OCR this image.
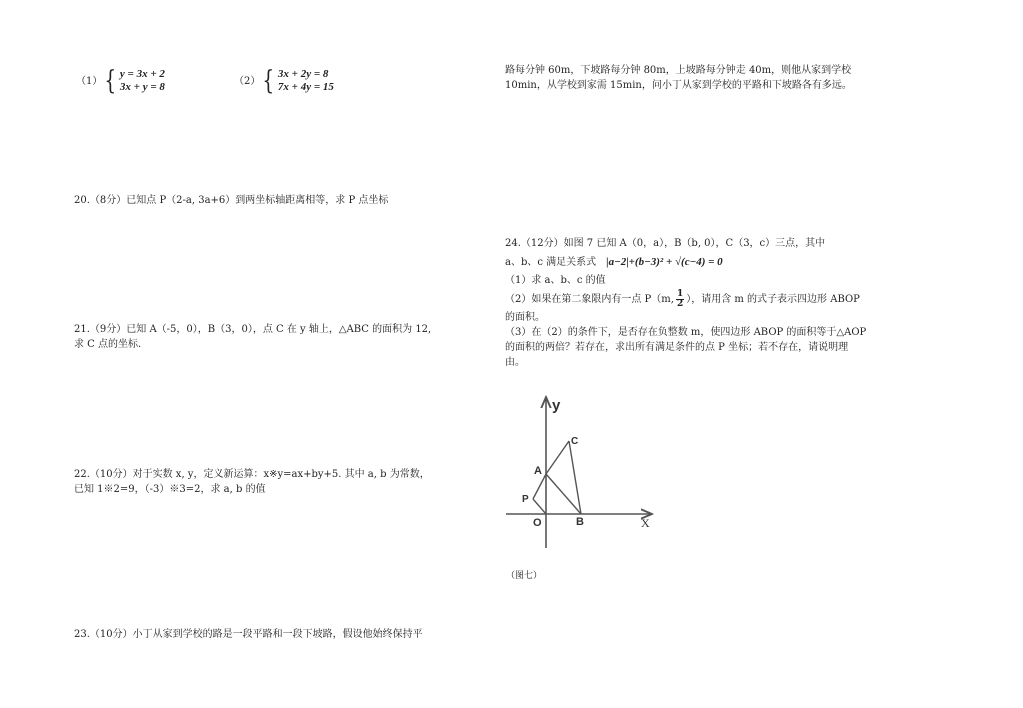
（1） { y = 3x + 2
3x + y = 8	（2） { 3x + 2y = 8
7x + 4y = 15
20.（8分）已知点 P（2-a, 3a+6）到两坐标轴距离相等，求 P 点坐标
21.（9分）已知 A（-5，0），B（3，0），点 C 在 y 轴上，△ABC 的面积为 12,
求 C 点的坐标.
22.（10分）对于实数 x, y，定义新运算：x※y=ax+by+5. 其中 a, b 为常数，
已知 1※2=9，（-3）※3=2，求 a, b 的值
23.（10分）小丁从家到学校的路是一段平路和一段下坡路，假设他始终保持平
路每分钟 60m，下坡路每分钟 80m，上坡路每分钟走 40m，则他从家到学校
10min，从学校到家需 15min，问小丁从家到学校的平路和下坡路各有多远。
24.（12分）如图 7 已知 A（0，a），B（b, 0），C（3，c）三点，其中
a、b、c 满足关系式 |a−2|+(b−3)² + √(c−4) = 0
（1）求 a、b、c 的值
（2）如果在第二象限内有一点 P（m, $\frac{1}{2}$ ），请用含 m 的式子表示四边形 ABOP
的面积。
（3）在（2）的条件下，是否存在负整数 m，使四边形 ABOP 的面积等于△AOP
的面积的两倍？若存在，求出所有满足条件的点 P 坐标；若不存在，请说明理
由。
y
X
C
A
P
O	B
（图七）
